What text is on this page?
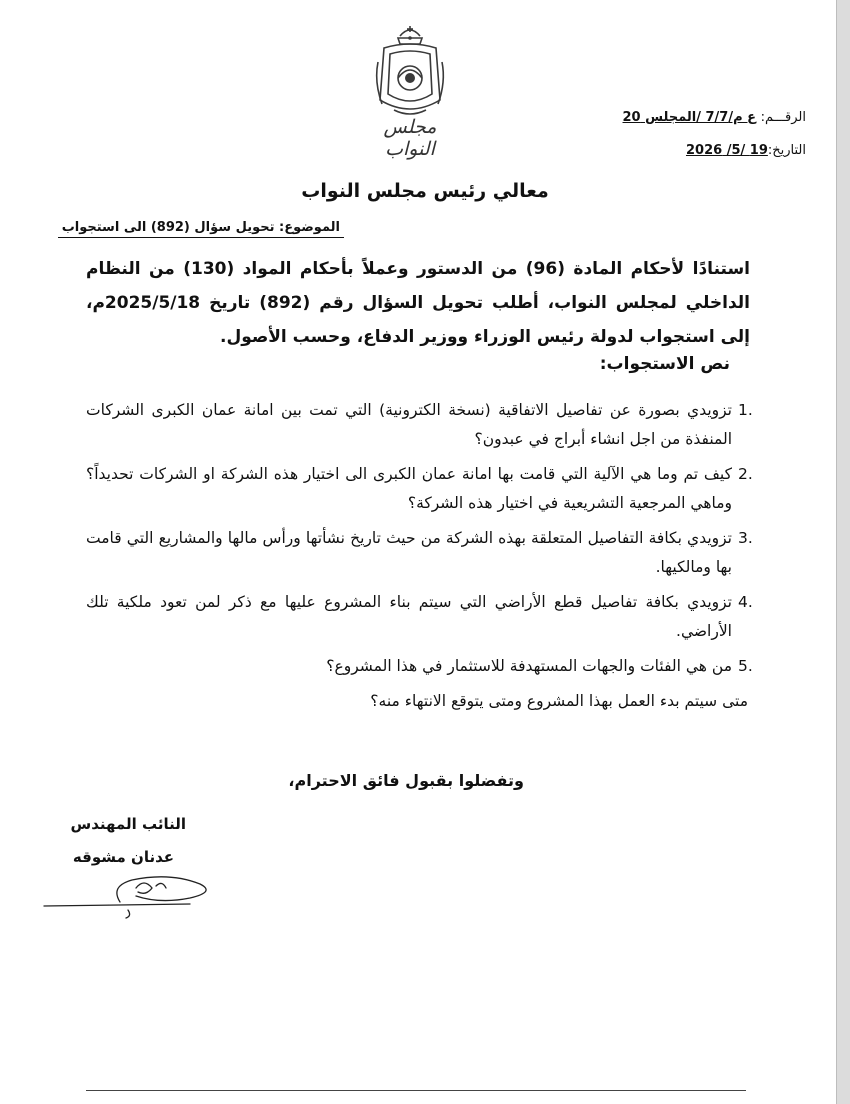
مجلس النواب
الرقـــم: ع م/7/7 /المجلس 20
التاريخ:19 /5/ 2026
معالي رئيس مجلس النواب
الموضوع: تحويل سؤال (892) الى استجواب
استنادًا لأحكام المادة (96) من الدستور وعملاً بأحكام المواد (130) من النظام الداخلي لمجلس النواب، أطلب تحويل السؤال رقم (892) تاريخ 2025/5/18م، إلى استجواب لدولة رئيس الوزراء ووزير الدفاع، وحسب الأصول.
نص الاستجواب:
1.
تزويدي بصورة عن تفاصيل الاتفاقية (نسخة الكترونية) التي تمت بين امانة عمان الكبرى الشركات المنفذة من اجل انشاء أبراج في عبدون؟
2.
كيف تم وما هي الآلية التي قامت بها امانة عمان الكبرى الى اختيار هذه الشركة او الشركات تحديداً؟ وماهي المرجعية التشريعية في اختيار هذه الشركة؟
3.
تزويدي بكافة التفاصيل المتعلقة بهذه الشركة من حيث تاريخ نشأتها ورأس مالها والمشاريع التي قامت بها ومالكيها.
4.
تزويدي بكافة تفاصيل قطع الأراضي التي سيتم بناء المشروع عليها مع ذكر لمن تعود ملكية تلك الأراضي.
5.
من هي الفئات والجهات المستهدفة للاستثمار في هذا المشروع؟
متى سيتم بدء العمل بهذا المشروع ومتى يتوقع الانتهاء منه؟
وتفضلوا بقبول فائق الاحترام،
النائب المهندس
عدنان مشوقه
